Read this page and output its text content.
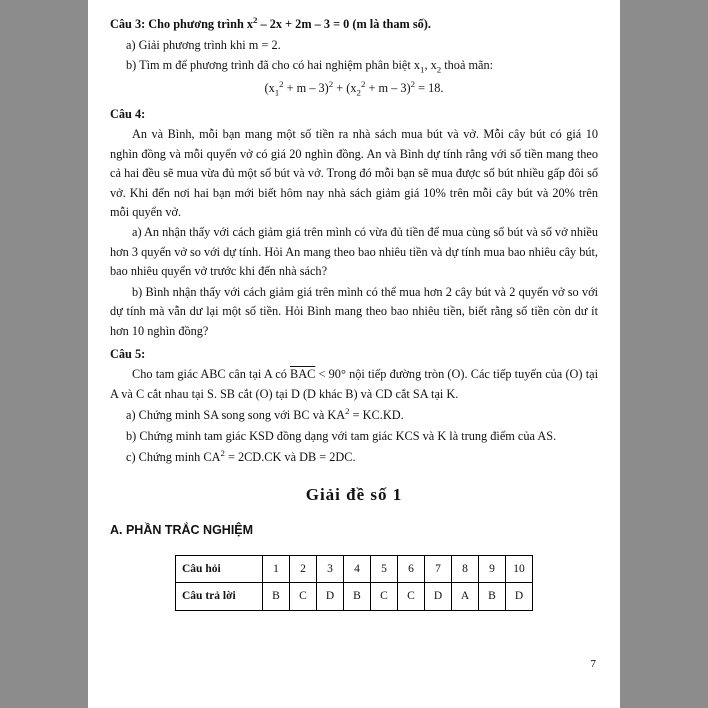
Câu 3: Cho phương trình $x^2 - 2x + 2m - 3 = 0$ (m là tham số).

a) Giải phương trình khi m = 2.

b) Tìm m để phương trình đã cho có hai nghiệm phân biệt $x_1$, $x_2$ thoả mãn:

$(x_1^2 + m - 3)^2 + (x_2^2 + m - 3)^2 = 18$.

Câu 4:

An và Bình, mỗi bạn mang một số tiền ra nhà sách mua bút và vở. Mỗi cây bút có giá 10 nghìn đồng và mỗi quyển vở có giá 20 nghìn đồng. An và Bình dự tính rằng với số tiền mang theo cả hai đều sẽ mua vừa đủ một số bút và vở. Trong đó mỗi bạn sẽ mua được số bút nhiều gấp đôi số vở. Khi đến nơi hai bạn mới biết hôm nay nhà sách giảm giá 10% trên mỗi cây bút và 20% trên mỗi quyển vở.

a) An nhận thấy với cách giảm giá trên mình có vừa đủ tiền để mua cùng số bút và số vở nhiều hơn 3 quyển vở so với dự tính. Hỏi An mang theo bao nhiêu tiền và dự tính mua bao nhiêu cây bút, bao nhiêu quyển vở trước khi đến nhà sách?

b) Bình nhận thấy với cách giảm giá trên mình có thể mua hơn 2 cây bút và 2 quyển vở so với dự tính mà vẫn dư lại một số tiền. Hỏi Bình mang theo bao nhiêu tiền, biết rằng số tiền còn dư ít hơn 10 nghìn đồng?

Câu 5:

Cho tam giác ABC cân tại A có $\overline{BAC} < 90^\circ$ nội tiếp đường tròn (O). Các tiếp tuyến của (O) tại A và C cắt nhau tại S. SB cắt (O) tại D (D khác B) và CD cắt SA tại K.

a) Chứng minh SA song song với BC và $KA^2 = KC.KD$.

b) Chứng minh tam giác KSD đồng dạng với tam giác KCS và K là trung điểm của AS.

c) Chứng minh $CA^2 = 2CD.CK$ và DB = 2DC.

Giải đề số 1
A. PHẦN TRẮC NGHIỆM
Câu hỏi	1	2	3	4	5	6	7	8	9	10
Câu trả lời	B	C	D	B	C	C	D	A	B	D
7
